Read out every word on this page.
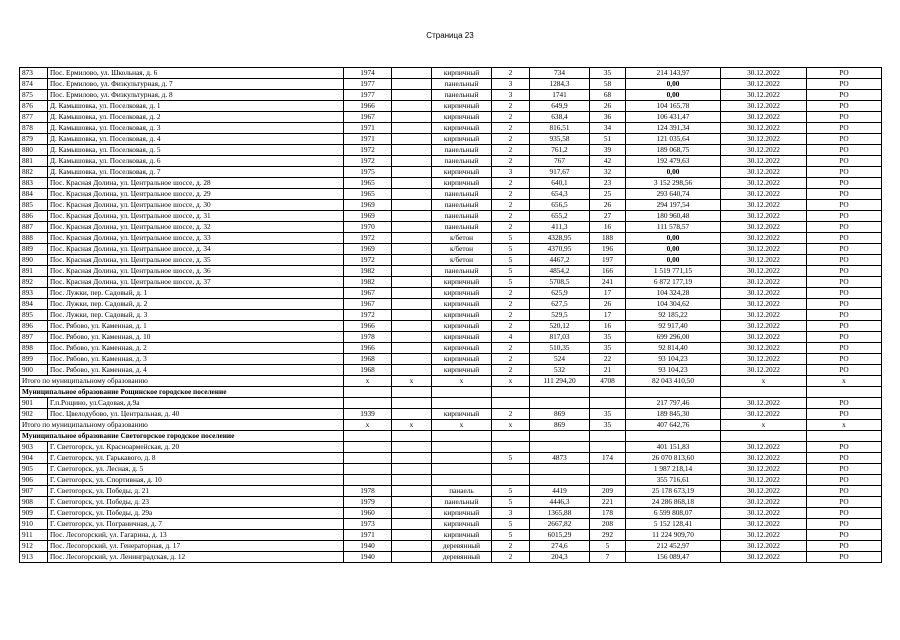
Страница 23
873	Пос. Ермилово, ул. Школьная, д. 6	1974		кирпичный	2	734	35	214 143,97	30.12.2022	РО
874	Пос. Ермилово, ул. Физкультурная, д. 7	1977		панельный	3	1284,3	58	0,00	30.12.2022	РО
875	Пос. Ермилово, ул. Физкультурная, д. 8	1977		панельный	3	1741	68	0,00	30.12.2022	РО
876	Д. Камышовка, ул. Поселковая, д. 1	1966		кирпичный	2	649,9	26	104 165,78	30.12.2022	РО
877	Д. Камышовка, ул. Поселковая, д. 2	1967		кирпичный	2	638,4	36	106 431,47	30.12.2022	РО
878	Д. Камышовка, ул. Поселковая, д. 3	1971		кирпичный	2	816,51	34	124 391,34	30.12.2022	РО
879	Д. Камышовка, ул. Поселковая, д. 4	1971		кирпичный	2	935,58	51	121 035,64	30.12.2022	РО
880	Д. Камышовка, ул. Поселковая, д. 5	1972		панельный	2	761,2	39	189 068,75	30.12.2022	РО
881	Д. Камышовка, ул. Поселковая, д. 6	1972		панельный	2	767	42	192 479,63	30.12.2022	РО
882	Д. Камышовка, ул. Поселковая, д. 7	1975		кирпичный	3	917,67	32	0,00	30.12.2022	РО
883	Пос. Красная Долина, ул. Центральное шоссе, д. 28	1965		кирпичный	2	640,1	23	3 152 298,56	30.12.2022	РО
884	Пос. Красная Долина, ул. Центральное шоссе, д. 29	1965		панельный	2	654,3	25	293 640,74	30.12.2022	РО
885	Пос. Красная Долина, ул. Центральное шоссе, д. 30	1969		панельный	2	656,5	26	294 197,54	30.12.2022	РО
886	Пос. Красная Долина, ул. Центральное шоссе, д. 31	1969		панельный	2	655,2	27	180 960,48	30.12.2022	РО
887	Пос. Красная Долина, ул. Центральное шоссе, д. 32	1970		панельный	2	411,3	16	111 578,57	30.12.2022	РО
888	Пос. Красная Долина, ул. Центральное шоссе, д. 33	1972		к/бетон	5	4328,95	188	0,00	30.12.2022	РО
889	Пос. Красная Долина, ул. Центральное шоссе, д. 34	1969		к/бетон	5	4370,95	196	0,00	30.12.2022	РО
890	Пос. Красная Долина, ул. Центральное шоссе, д. 35	1972		к/бетон	5	4467,2	197	0,00	30.12.2022	РО
891	Пос. Красная Долина, ул. Центральное шоссе, д. 36	1982		панельный	5	4854,2	166	1 519 771,15	30.12.2022	РО
892	Пос. Красная Долина, ул. Центральное шоссе, д. 37	1982		кирпичный	5	5708,5	241	6 872 177,19	30.12.2022	РО
893	Пос. Лужки, пер. Садовый, д. 1	1967		кирпичный	2	625,9	17	104 324,28	30.12.2022	РО
894	Пос. Лужки, пер. Садовый, д. 2	1967		кирпичный	2	627,5	26	104 304,62	30.12.2022	РО
895	Пос. Лужки, пер. Садовый, д. 3	1972		кирпичный	2	529,5	17	92 185,22	30.12.2022	РО
896	Пос. Рябово, ул. Каменная, д. 1	1966		кирпичный	2	520,12	16	92 917,40	30.12.2022	РО
897	Пос. Рябово, ул. Каменная, д. 10	1978		кирпичный	4	817,03	35	699 296,00	30.12.2022	РО
898	Пос. Рябово, ул. Каменная, д. 2	1966		кирпичный	2	510,35	35	92 814,40	30.12.2022	РО
899	Пос. Рябово, ул. Каменная, д. 3	1968		кирпичный	2	524	22	93 104,23	30.12.2022	РО
900	Пос. Рябово, ул. Каменная, д. 4	1968		кирпичный	2	532	21	93 104,23	30.12.2022	РО
Итого по муниципальному образованию		х	х	х	х	111 294,20	4708	82 043 410,50	х	х
Муниципальное образование Рощинское городское поселение										
901	Г.п.Рощино, ул.Садовая, д.9а							217 797,46	30.12.2022	РО
902	Пос. Цвелодубово, ул. Центральная, д. 40	1939		кирпичный	2	869	35	189 845,30	30.12.2022	РО
Итого по муниципальному образованию		х	х	х	х	869	35	407 642,76	х	х
Муниципальное образование Светогорское городское поселение										
903	Г. Светогорск, ул. Красноармейская, д. 20							401 151,83	30.12.2022	РО
904	Г. Светогорск, ул. Гарькавого, д. 8				5	4873	174	26 070 813,60	30.12.2022	РО
905	Г. Светогорск, ул. Лесная, д. 5							1 987 218,14	30.12.2022	РО
906	Г. Светогорск, ул. Спортивная, д. 10							355 716,61	30.12.2022	РО
907	Г. Светогорск, ул. Победы, д. 21	1978		панаель	5	4419	209	25 178 673,19	30.12.2022	РО
908	Г. Светогорск, ул. Победы, д. 23	1979		панельный	5	4446,3	221	24 286 868,18	30.12.2022	РО
909	Г. Светогорск, ул. Победы, д. 29а	1960		кирпичный	3	1365,88	178	6 599 808,07	30.12.2022	РО
910	Г. Светогорск, ул. Пограничная, д. 7	1973		кирпичный	5	2667,82	208	5 152 128,41	30.12.2022	РО
911	Пос. Лесогорский, ул. Гагарина, д. 13	1971		кирпичный	5	6015,29	292	11 224 909,70	30.12.2022	РО
912	Пос. Лесогорский, ул. Генераторная, д. 17	1940		деревянный	2	274,6	5	212 452,97	30.12.2022	РО
913	Пос. Лесогорский, ул. Ленинградская, д. 12	1940		деревянный	2	204,3	7	156 089,47	30.12.2022	РО
